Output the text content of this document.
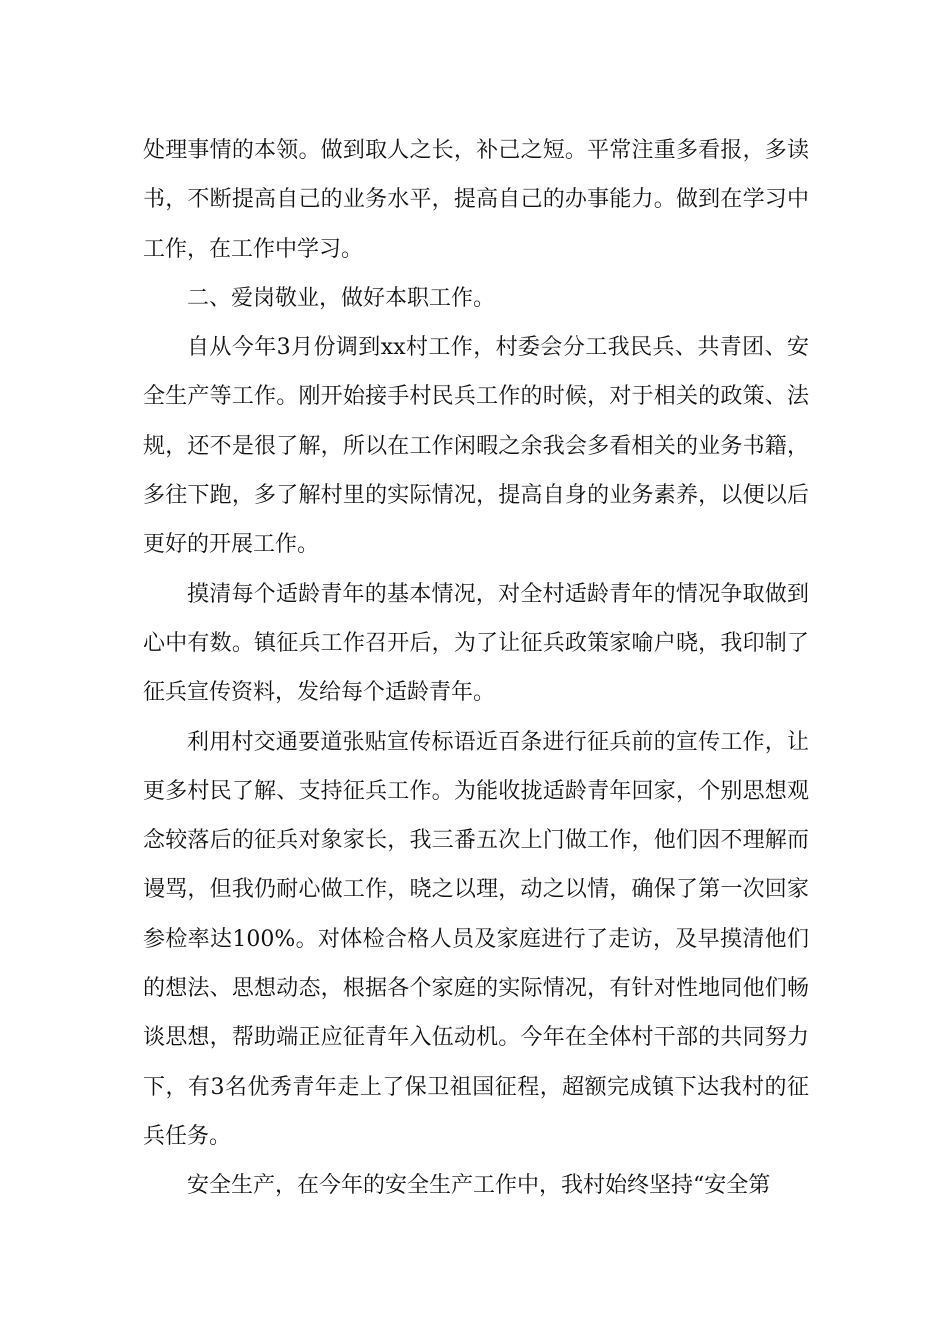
处理事情的本领。做到取人之长，补己之短。平常注重多看报，多读书，不断提高自己的业务水平，提高自己的办事能力。做到在学习中工作，在工作中学习。

二、爱岗敬业，做好本职工作。

自从今年3月份调到xx村工作，村委会分工我民兵、共青团、安全生产等工作。刚开始接手村民兵工作的时候，对于相关的政策、法规，还不是很了解，所以在工作闲暇之余我会多看相关的业务书籍，多往下跑，多了解村里的实际情况，提高自身的业务素养，以便以后更好的开展工作。

摸清每个适龄青年的基本情况，对全村适龄青年的情况争取做到心中有数。镇征兵工作召开后，为了让征兵政策家喻户晓，我印制了征兵宣传资料，发给每个适龄青年。

利用村交通要道张贴宣传标语近百条进行征兵前的宣传工作，让更多村民了解、支持征兵工作。为能收拢适龄青年回家，个别思想观念较落后的征兵对象家长，我三番五次上门做工作，他们因不理解而谩骂，但我仍耐心做工作，晓之以理，动之以情，确保了第一次回家参检率达100%。对体检合格人员及家庭进行了走访，及早摸清他们的想法、思想动态，根据各个家庭的实际情况，有针对性地同他们畅谈思想，帮助端正应征青年入伍动机。今年在全体村干部的共同努力下，有3名优秀青年走上了保卫祖国征程，超额完成镇下达我村的征兵任务。

安全生产，在今年的安全生产工作中，我村始终坚持“安全第
